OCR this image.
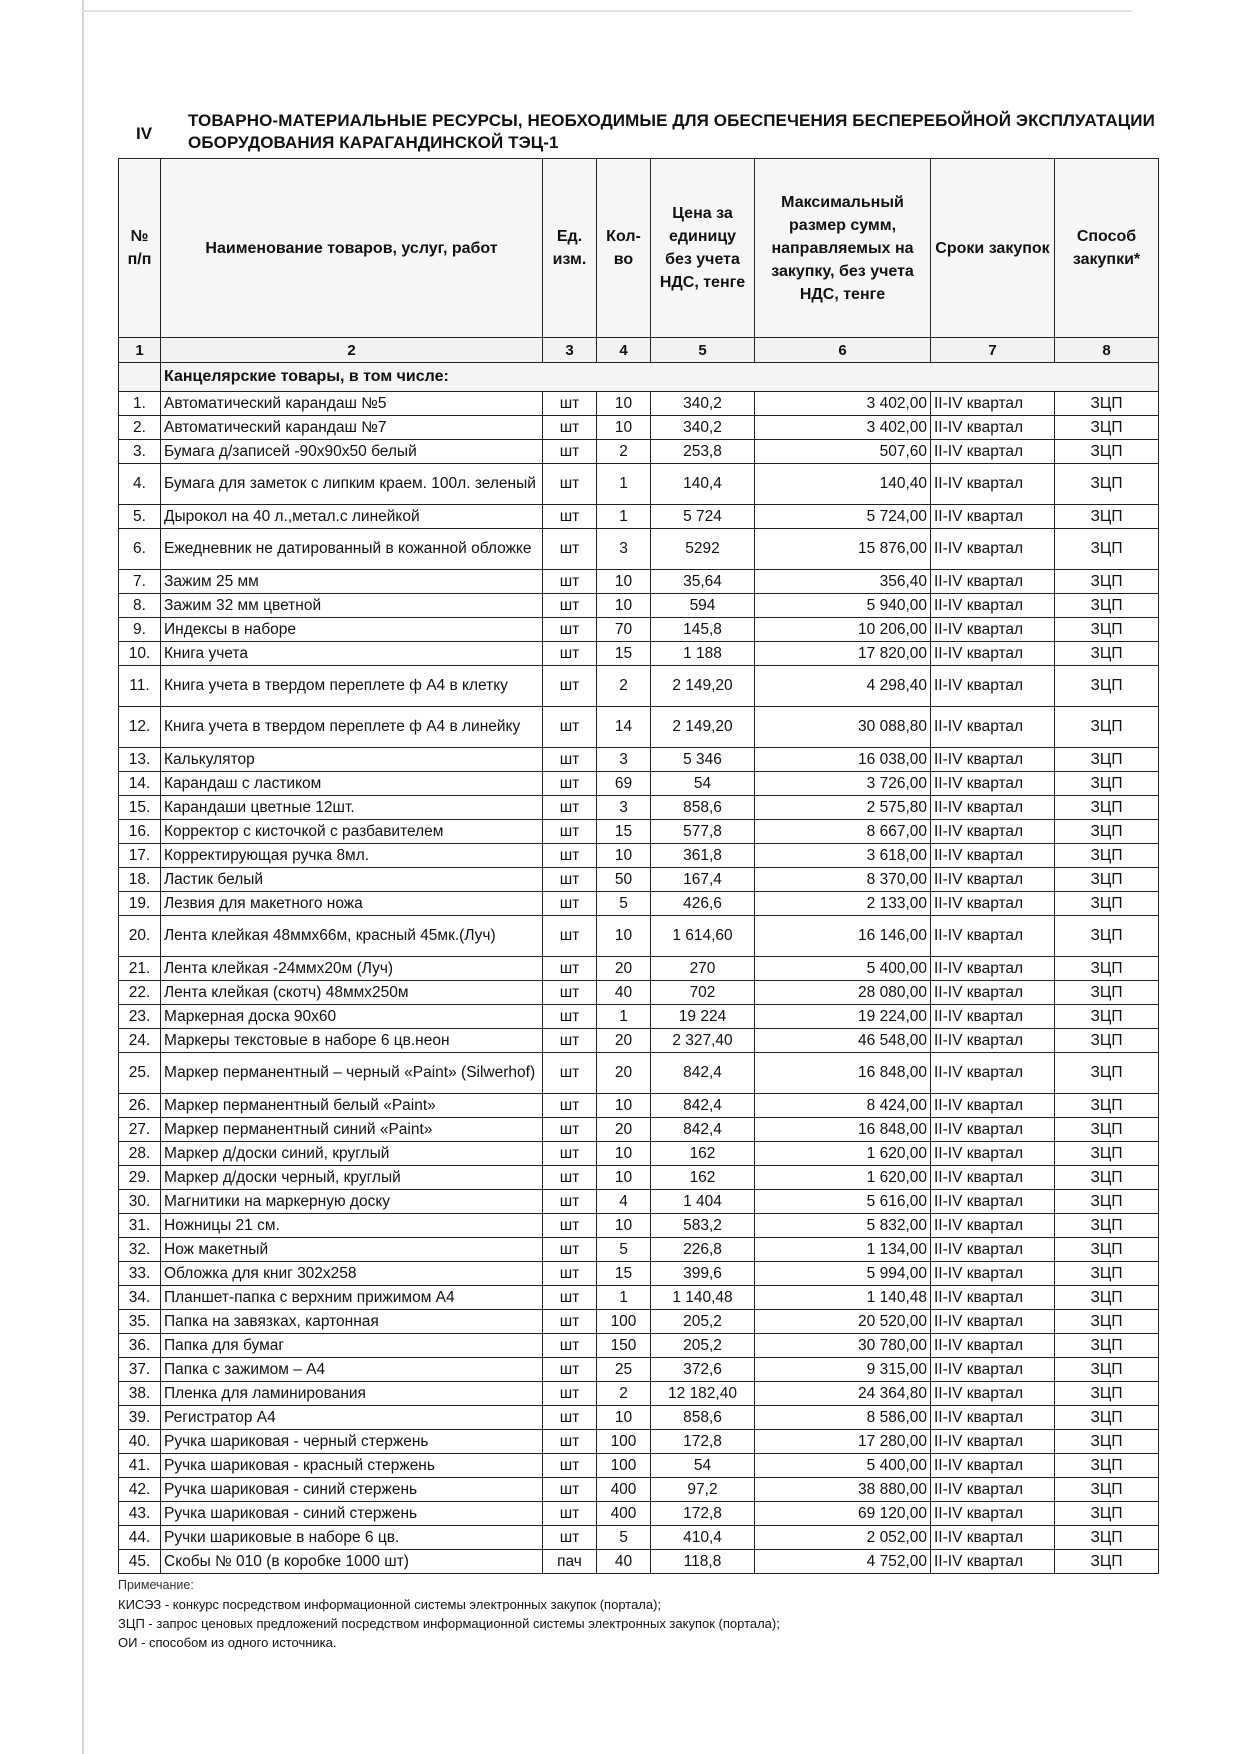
IV
ТОВАРНО-МАТЕРИАЛЬНЫЕ РЕСУРСЫ, НЕОБХОДИМЫЕ ДЛЯ ОБЕСПЕЧЕНИЯ БЕСПЕРЕБОЙНОЙ ЭКСПЛУАТАЦИИ ОБОРУДОВАНИЯ КАРАГАНДИНСКОЙ ТЭЦ-1
№ п/п	Наименование товаров, услуг, работ	Ед. изм.	Кол-во	Цена за единицу без учета НДС, тенге	Максимальный размер сумм, направляемых на закупку, без учета НДС, тенге	Сроки закупок	Способ закупки*
1	2	3	4	5	6	7	8
	Канцелярские товары, в том числе:						
1.	Автоматический карандаш №5	шт	10	340,2	3 402,00	II-IV квартал	ЗЦП
2.	Автоматический карандаш №7	шт	10	340,2	3 402,00	II-IV квартал	ЗЦП
3.	Бумага д/записей -90х90х50 белый	шт	2	253,8	507,60	II-IV квартал	ЗЦП
4.	Бумага для заметок с липким краем. 100л. зеленый	шт	1	140,4	140,40	II-IV квартал	ЗЦП
5.	Дырокол на 40 л.,метал.с линейкой	шт	1	5 724	5 724,00	II-IV квартал	ЗЦП
6.	Ежедневник не датированный в кожанной обложке	шт	3	5292	15 876,00	II-IV квартал	ЗЦП
7.	Зажим 25 мм	шт	10	35,64	356,40	II-IV квартал	ЗЦП
8.	Зажим 32 мм цветной	шт	10	594	5 940,00	II-IV квартал	ЗЦП
9.	Индексы в наборе	шт	70	145,8	10 206,00	II-IV квартал	ЗЦП
10.	Книга учета	шт	15	1 188	17 820,00	II-IV квартал	ЗЦП
11.	Книга учета в твердом переплете ф А4 в клетку	шт	2	2 149,20	4 298,40	II-IV квартал	ЗЦП
12.	Книга учета в твердом переплете ф А4 в линейку	шт	14	2 149,20	30 088,80	II-IV квартал	ЗЦП
13.	Калькулятор	шт	3	5 346	16 038,00	II-IV квартал	ЗЦП
14.	Карандаш с ластиком	шт	69	54	3 726,00	II-IV квартал	ЗЦП
15.	Карандаши цветные 12шт.	шт	3	858,6	2 575,80	II-IV квартал	ЗЦП
16.	Корректор с кисточкой с разбавителем	шт	15	577,8	8 667,00	II-IV квартал	ЗЦП
17.	Корректирующая ручка 8мл.	шт	10	361,8	3 618,00	II-IV квартал	ЗЦП
18.	Ластик белый	шт	50	167,4	8 370,00	II-IV квартал	ЗЦП
19.	Лезвия для макетного ножа	шт	5	426,6	2 133,00	II-IV квартал	ЗЦП
20.	Лента клейкая 48ммх66м, красный 45мк.(Луч)	шт	10	1 614,60	16 146,00	II-IV квартал	ЗЦП
21.	Лента клейкая -24ммх20м (Луч)	шт	20	270	5 400,00	II-IV квартал	ЗЦП
22.	Лента клейкая (скотч) 48ммх250м	шт	40	702	28 080,00	II-IV квартал	ЗЦП
23.	Маркерная доска 90х60	шт	1	19 224	19 224,00	II-IV квартал	ЗЦП
24.	Маркеры текстовые в наборе 6 цв.неон	шт	20	2 327,40	46 548,00	II-IV квартал	ЗЦП
25.	Маркер перманентный – черный «Paint» (Silwerhof)	шт	20	842,4	16 848,00	II-IV квартал	ЗЦП
26.	Маркер перманентный белый «Paint»	шт	10	842,4	8 424,00	II-IV квартал	ЗЦП
27.	Маркер перманентный синий «Paint»	шт	20	842,4	16 848,00	II-IV квартал	ЗЦП
28.	Маркер д/доски синий, круглый	шт	10	162	1 620,00	II-IV квартал	ЗЦП
29.	Маркер д/доски черный, круглый	шт	10	162	1 620,00	II-IV квартал	ЗЦП
30.	Магнитики на маркерную доску	шт	4	1 404	5 616,00	II-IV квартал	ЗЦП
31.	Ножницы 21 см.	шт	10	583,2	5 832,00	II-IV квартал	ЗЦП
32.	Нож макетный	шт	5	226,8	1 134,00	II-IV квартал	ЗЦП
33.	Обложка для книг 302х258	шт	15	399,6	5 994,00	II-IV квартал	ЗЦП
34.	Планшет-папка с верхним прижимом А4	шт	1	1 140,48	1 140,48	II-IV квартал	ЗЦП
35.	Папка на завязках, картонная	шт	100	205,2	20 520,00	II-IV квартал	ЗЦП
36.	Папка для бумаг	шт	150	205,2	30 780,00	II-IV квартал	ЗЦП
37.	Папка с зажимом – А4	шт	25	372,6	9 315,00	II-IV квартал	ЗЦП
38.	Пленка для ламинирования	шт	2	12 182,40	24 364,80	II-IV квартал	ЗЦП
39.	Регистратор А4	шт	10	858,6	8 586,00	II-IV квартал	ЗЦП
40.	Ручка шариковая - черный стержень	шт	100	172,8	17 280,00	II-IV квартал	ЗЦП
41.	Ручка шариковая - красный стержень	шт	100	54	5 400,00	II-IV квартал	ЗЦП
42.	Ручка шариковая - синий стержень	шт	400	97,2	38 880,00	II-IV квартал	ЗЦП
43.	Ручка шариковая - синий стержень	шт	400	172,8	69 120,00	II-IV квартал	ЗЦП
44.	Ручки шариковые в наборе 6 цв.	шт	5	410,4	2 052,00	II-IV квартал	ЗЦП
45.	Скобы № 010 (в коробке 1000 шт)	пач	40	118,8	4 752,00	II-IV квартал	ЗЦП
Примечание:
КИСЭЗ - конкурс посредством информационной системы электронных закупок (портала);
ЗЦП - запрос ценовых предложений посредством информационной системы электронных закупок (портала);
ОИ - способом из одного источника.
